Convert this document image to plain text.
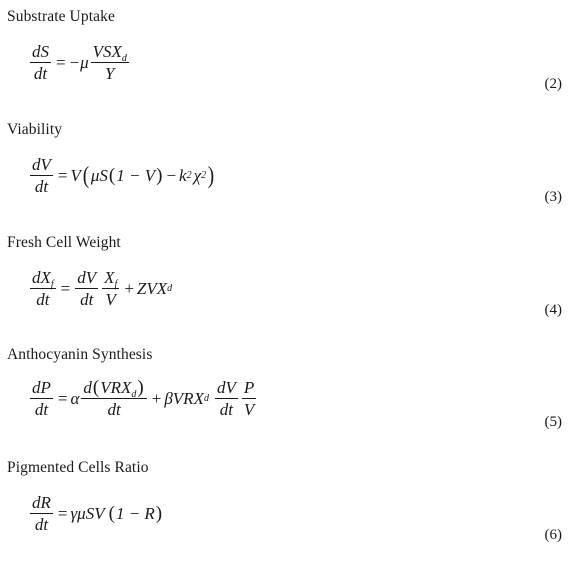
Substrate Uptake
$\frac{dS}{dt} = -\mu \frac{VSX_d}{Y}$
(2)
Viability
$\frac{dV}{dt} = V$ ( μS ( 1 − V ) − k 2 χ 2 )
(3)
Fresh Cell Weight
$\frac{dX_f}{dt} = \frac{dV}{dt} \frac{X_f}{V}$ + ZVX d
(4)
Anthocyanin Synthesis
$\frac{dP}{dt} = \alpha \frac{d(VRX_d)}{dt} + \beta VRX$ d $\frac{dV}{dt} \frac{P}{V}$
(5)
Pigmented Cells Ratio
$\frac{dR}{dt} = \gamma\mu SV$ ( 1 − R )
(6)
